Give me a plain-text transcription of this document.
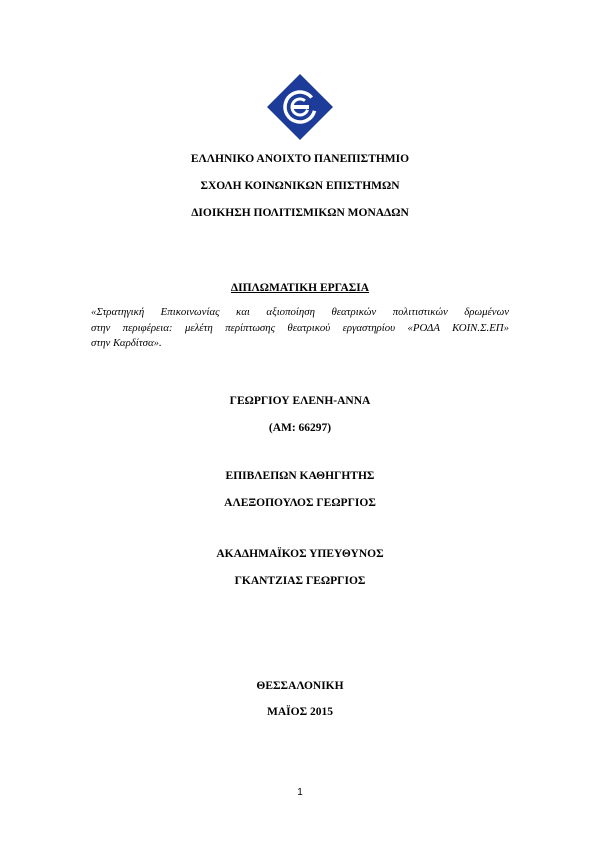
ΕΛΛΗΝΙΚΟ ΑΝΟΙΧΤΟ ΠΑΝΕΠΙΣΤΗΜΙΟ
ΣΧΟΛΗ ΚΟΙΝΩΝΙΚΩΝ ΕΠΙΣΤΗΜΩΝ
ΔΙΟΙΚΗΣΗ ΠΟΛΙΤΙΣΜΙΚΩΝ ΜΟΝΑΔΩΝ
ΔΙΠΛΩΜΑΤΙΚΗ ΕΡΓΑΣΙΑ
«Στρατηγική Επικοινωνίας και αξιοποίηση θεατρικών πολιτιστικών δρωμένων
στην περιφέρεια: μελέτη περίπτωσης θεατρικού εργαστηρίου «ΡΟΔΑ ΚΟΙΝ.Σ.ΕΠ»
στην Καρδίτσα».
ΓΕΩΡΓΙΟΥ ΕΛΕΝΗ-ΑΝΝΑ
(ΑΜ: 66297)
ΕΠΙΒΛΕΠΩΝ ΚΑΘΗΓΗΤΗΣ
ΑΛΕΞΟΠΟΥΛΟΣ ΓΕΩΡΓΙΟΣ
ΑΚΑΔΗΜΑΪΚΟΣ ΥΠΕΥΘΥΝΟΣ
ΓΚΑΝΤΖΙΑΣ ΓΕΩΡΓΙΟΣ
ΘΕΣΣΑΛΟΝΙΚΗ
ΜΑΪΟΣ 2015
1
